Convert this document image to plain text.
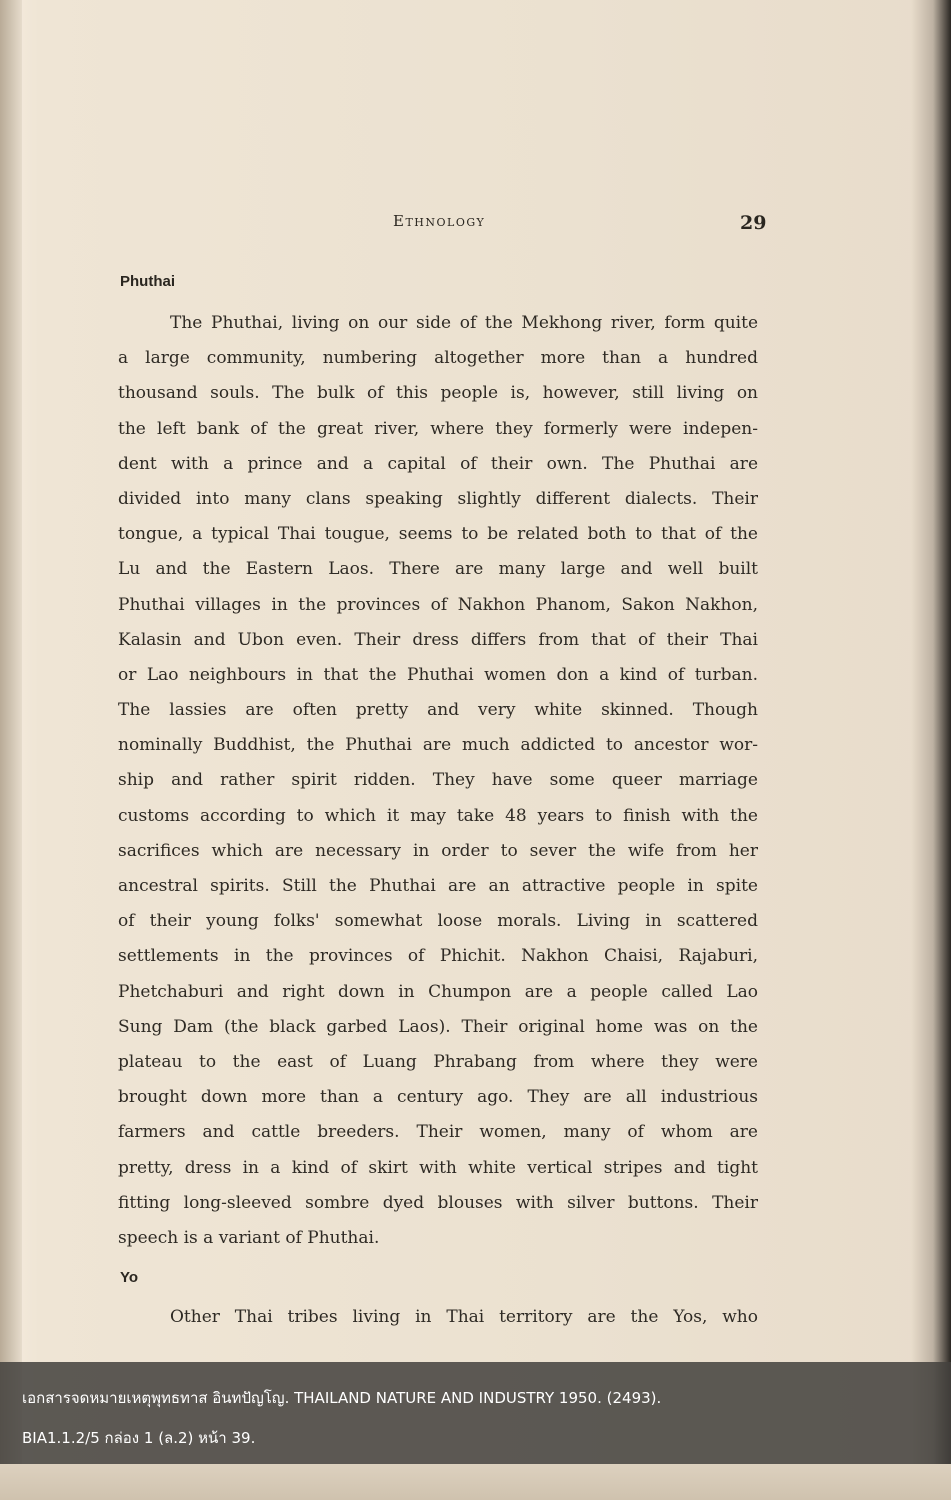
Ethnology	29
Phuthai
The Phuthai, living on our side of the Mekhong river, form quite
a large community, numbering altogether more than a hundred
thousand souls. The bulk of this people is, however, still living on
the left bank of the great river, where they formerly were indepen-
dent with a prince and a capital of their own. The Phuthai are
divided into many clans speaking slightly different dialects. Their
tongue, a typical Thai tougue, seems to be related both to that of the
Lu and the Eastern Laos. There are many large and well built
Phuthai villages in the provinces of Nakhon Phanom, Sakon Nakhon,
Kalasin and Ubon even. Their dress differs from that of their Thai
or Lao neighbours in that the Phuthai women don a kind of turban.
The lassies are often pretty and very white skinned. Though
nominally Buddhist, the Phuthai are much addicted to ancestor wor-
ship and rather spirit ridden. They have some queer marriage
customs according to which it may take 48 years to finish with the
sacrifices which are necessary in order to sever the wife from her
ancestral spirits. Still the Phuthai are an attractive people in spite
of their young folks' somewhat loose morals. Living in scattered
settlements in the provinces of Phichit. Nakhon Chaisi, Rajaburi,
Phetchaburi and right down in Chumpon are a people called Lao
Sung Dam (the black garbed Laos). Their original home was on the
plateau to the east of Luang Phrabang from where they were
brought down more than a century ago. They are all industrious
farmers and cattle breeders. Their women, many of whom are
pretty, dress in a kind of skirt with white vertical stripes and tight
fitting long-sleeved sombre dyed blouses with silver buttons. Their
speech is a variant of Phuthai.
Yo
Other Thai tribes living in Thai territory are the Yos, who
เอกสารจดหมายเหตุพุทธทาส อินทปัญโญ. THAILAND NATURE AND INDUSTRY 1950. (2493).
BIA1.1.2/5 กล่อง 1 (ล.2) หน้า 39.
